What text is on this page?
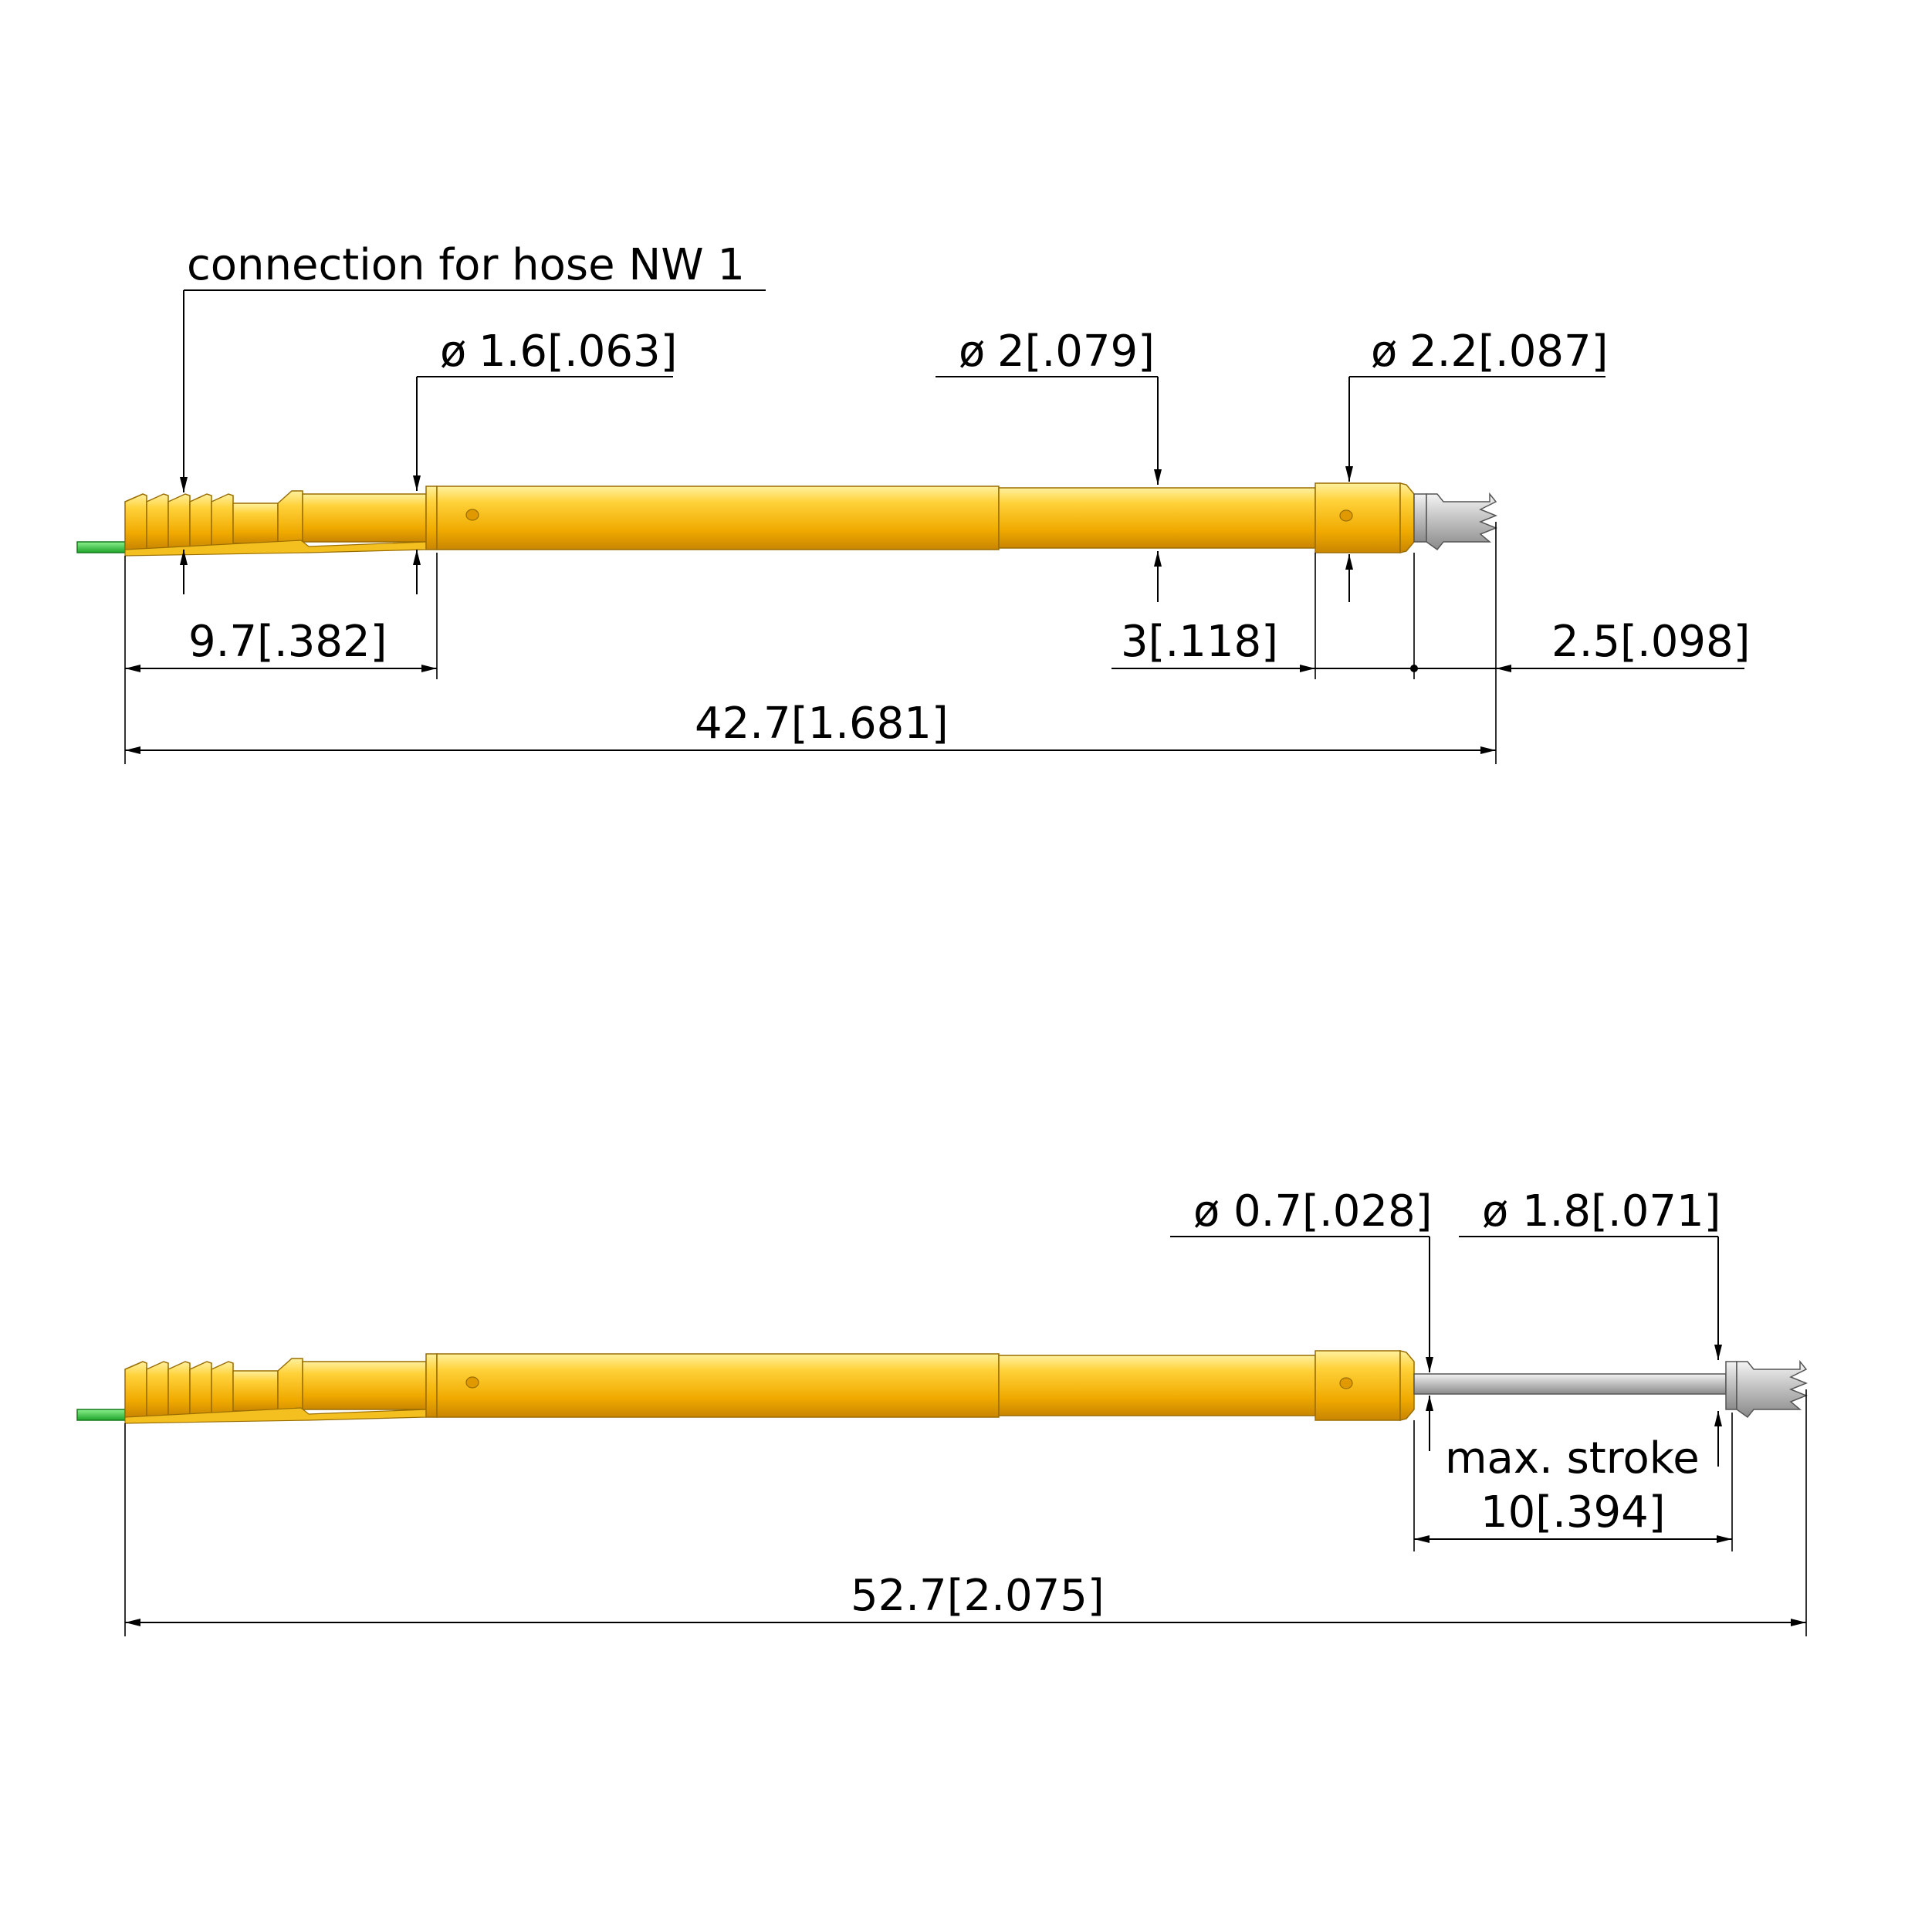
connection for hose NW 1
ø 1.6[.063]	ø 2[.079]	ø 2.2[.087]
9.7[.382]	3[.118]	2.5[.098]
42.7[1.681]
ø 0.7[.028] ø 1.8[.071]
max. stroke
10[.394]
52.7[2.075]
